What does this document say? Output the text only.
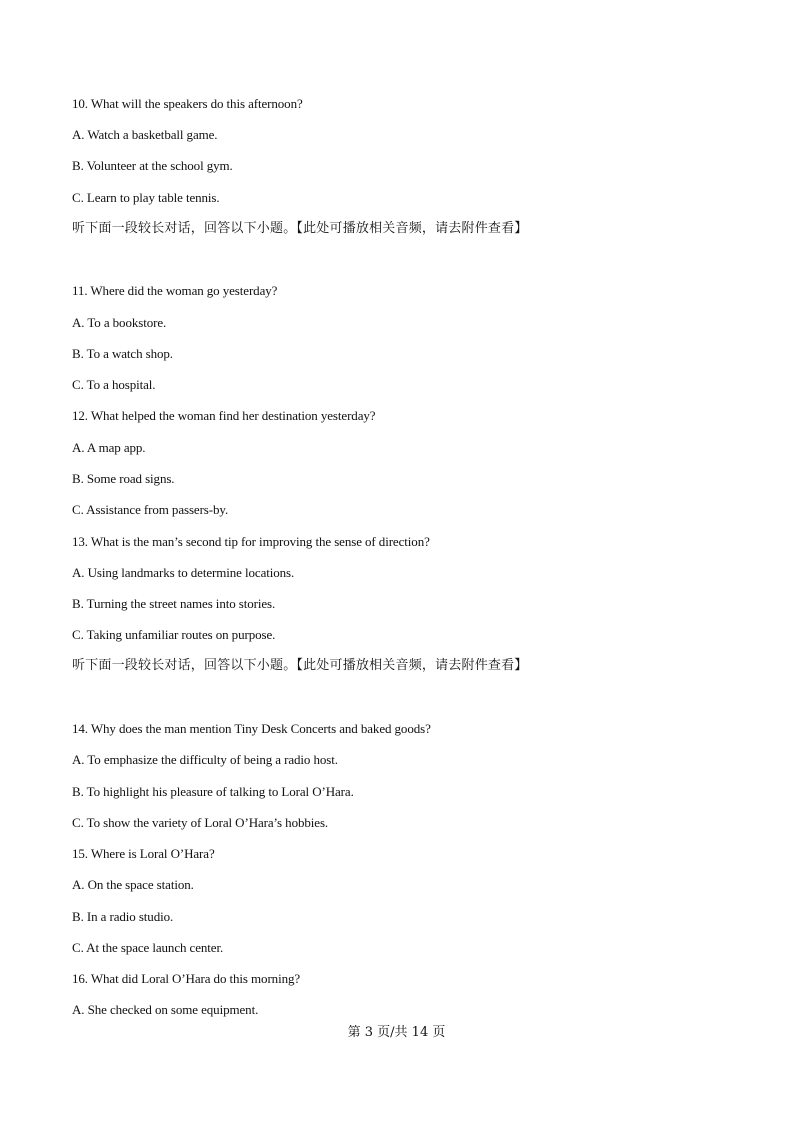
10. What will the speakers do this afternoon?
A. Watch a basketball game.
B. Volunteer at the school gym.
C. Learn to play table tennis.
听下面一段较长对话，回答以下小题。【此处可播放相关音频，请去附件查看】
11. Where did the woman go yesterday?
A. To a bookstore.
B. To a watch shop.
C. To a hospital.
12. What helped the woman find her destination yesterday?
A. A map app.
B. Some road signs.
C. Assistance from passers-by.
13. What is the man’s second tip for improving the sense of direction?
A. Using landmarks to determine locations.
B. Turning the street names into stories.
C. Taking unfamiliar routes on purpose.
听下面一段较长对话，回答以下小题。【此处可播放相关音频，请去附件查看】
14. Why does the man mention Tiny Desk Concerts and baked goods?
A. To emphasize the difficulty of being a radio host.
B. To highlight his pleasure of talking to Loral O’Hara.
C. To show the variety of Loral O’Hara’s hobbies.
15. Where is Loral O’Hara?
A. On the space station.
B. In a radio studio.
C. At the space launch center.
16. What did Loral O’Hara do this morning?
A. She checked on some equipment.
第 3 页/共 14 页
